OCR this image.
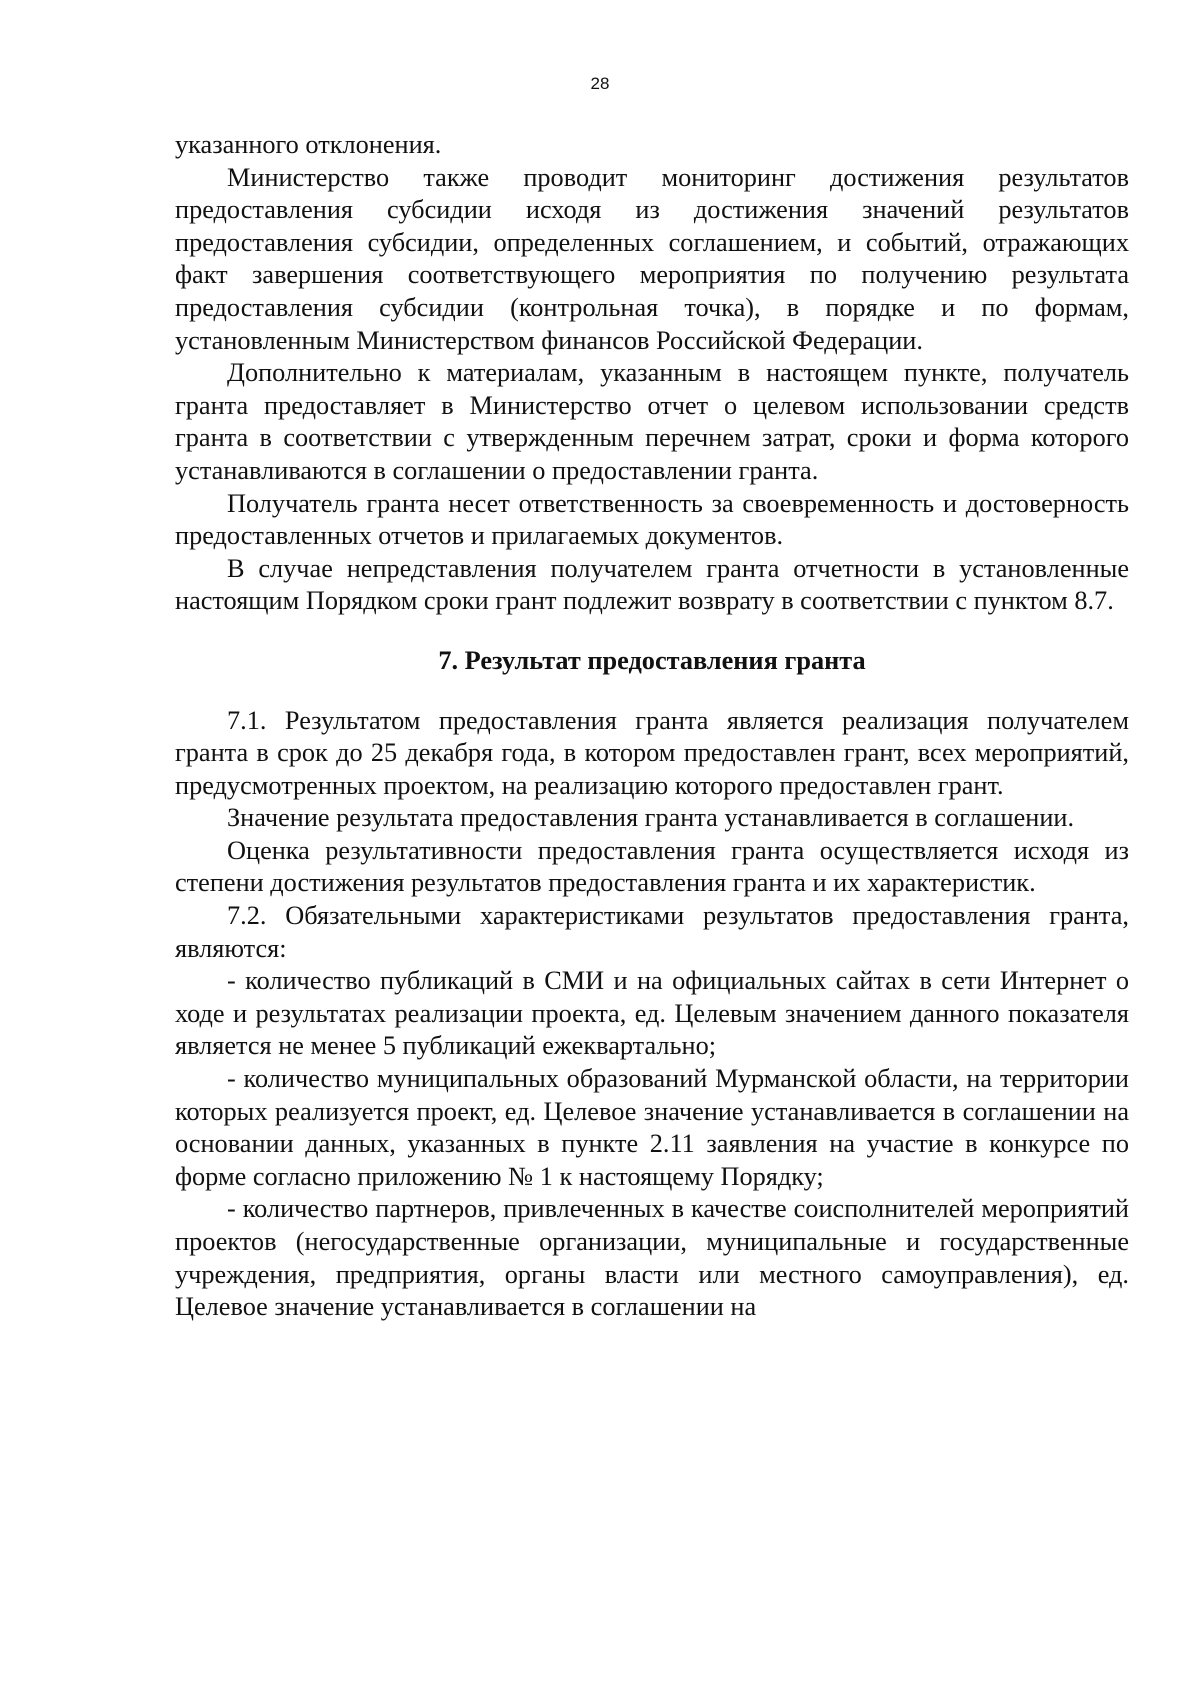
28

указанного отклонения.

Министерство также проводит мониторинг достижения результатов предоставления субсидии исходя из достижения значений результатов предоставления субсидии, определенных соглашением, и событий, отражающих факт завершения соответствующего мероприятия по получению результата предоставления субсидии (контрольная точка), в порядке и по формам, установленным Министерством финансов Российской Федерации.

Дополнительно к материалам, указанным в настоящем пункте, получатель гранта предоставляет в Министерство отчет о целевом использовании средств гранта в соответствии с утвержденным перечнем затрат, сроки и форма которого устанавливаются в соглашении о предоставлении гранта.

Получатель гранта несет ответственность за своевременность и достоверность предоставленных отчетов и прилагаемых документов.

В случае непредставления получателем гранта отчетности в установленные настоящим Порядком сроки грант подлежит возврату в соответствии с пунктом 8.7.

7. Результат предоставления гранта

7.1. Результатом предоставления гранта является реализация получателем гранта в срок до 25 декабря года, в котором предоставлен грант, всех мероприятий, предусмотренных проектом, на реализацию которого предоставлен грант.

Значение результата предоставления гранта устанавливается в соглашении.

Оценка результативности предоставления гранта осуществляется исходя из степени достижения результатов предоставления гранта и их характеристик.

7.2. Обязательными характеристиками результатов предоставления гранта, являются:

- количество публикаций в СМИ и на официальных сайтах в сети Интернет о ходе и результатах реализации проекта, ед. Целевым значением данного показателя является не менее 5 публикаций ежеквартально;

- количество муниципальных образований Мурманской области, на территории которых реализуется проект, ед. Целевое значение устанавливается в соглашении на основании данных, указанных в пункте 2.11 заявления на участие в конкурсе по форме согласно приложению № 1 к настоящему Порядку;

- количество партнеров, привлеченных в качестве соисполнителей мероприятий проектов (негосударственные организации, муниципальные и государственные учреждения, предприятия, органы власти или местного самоуправления), ед. Целевое значение устанавливается в соглашении на
